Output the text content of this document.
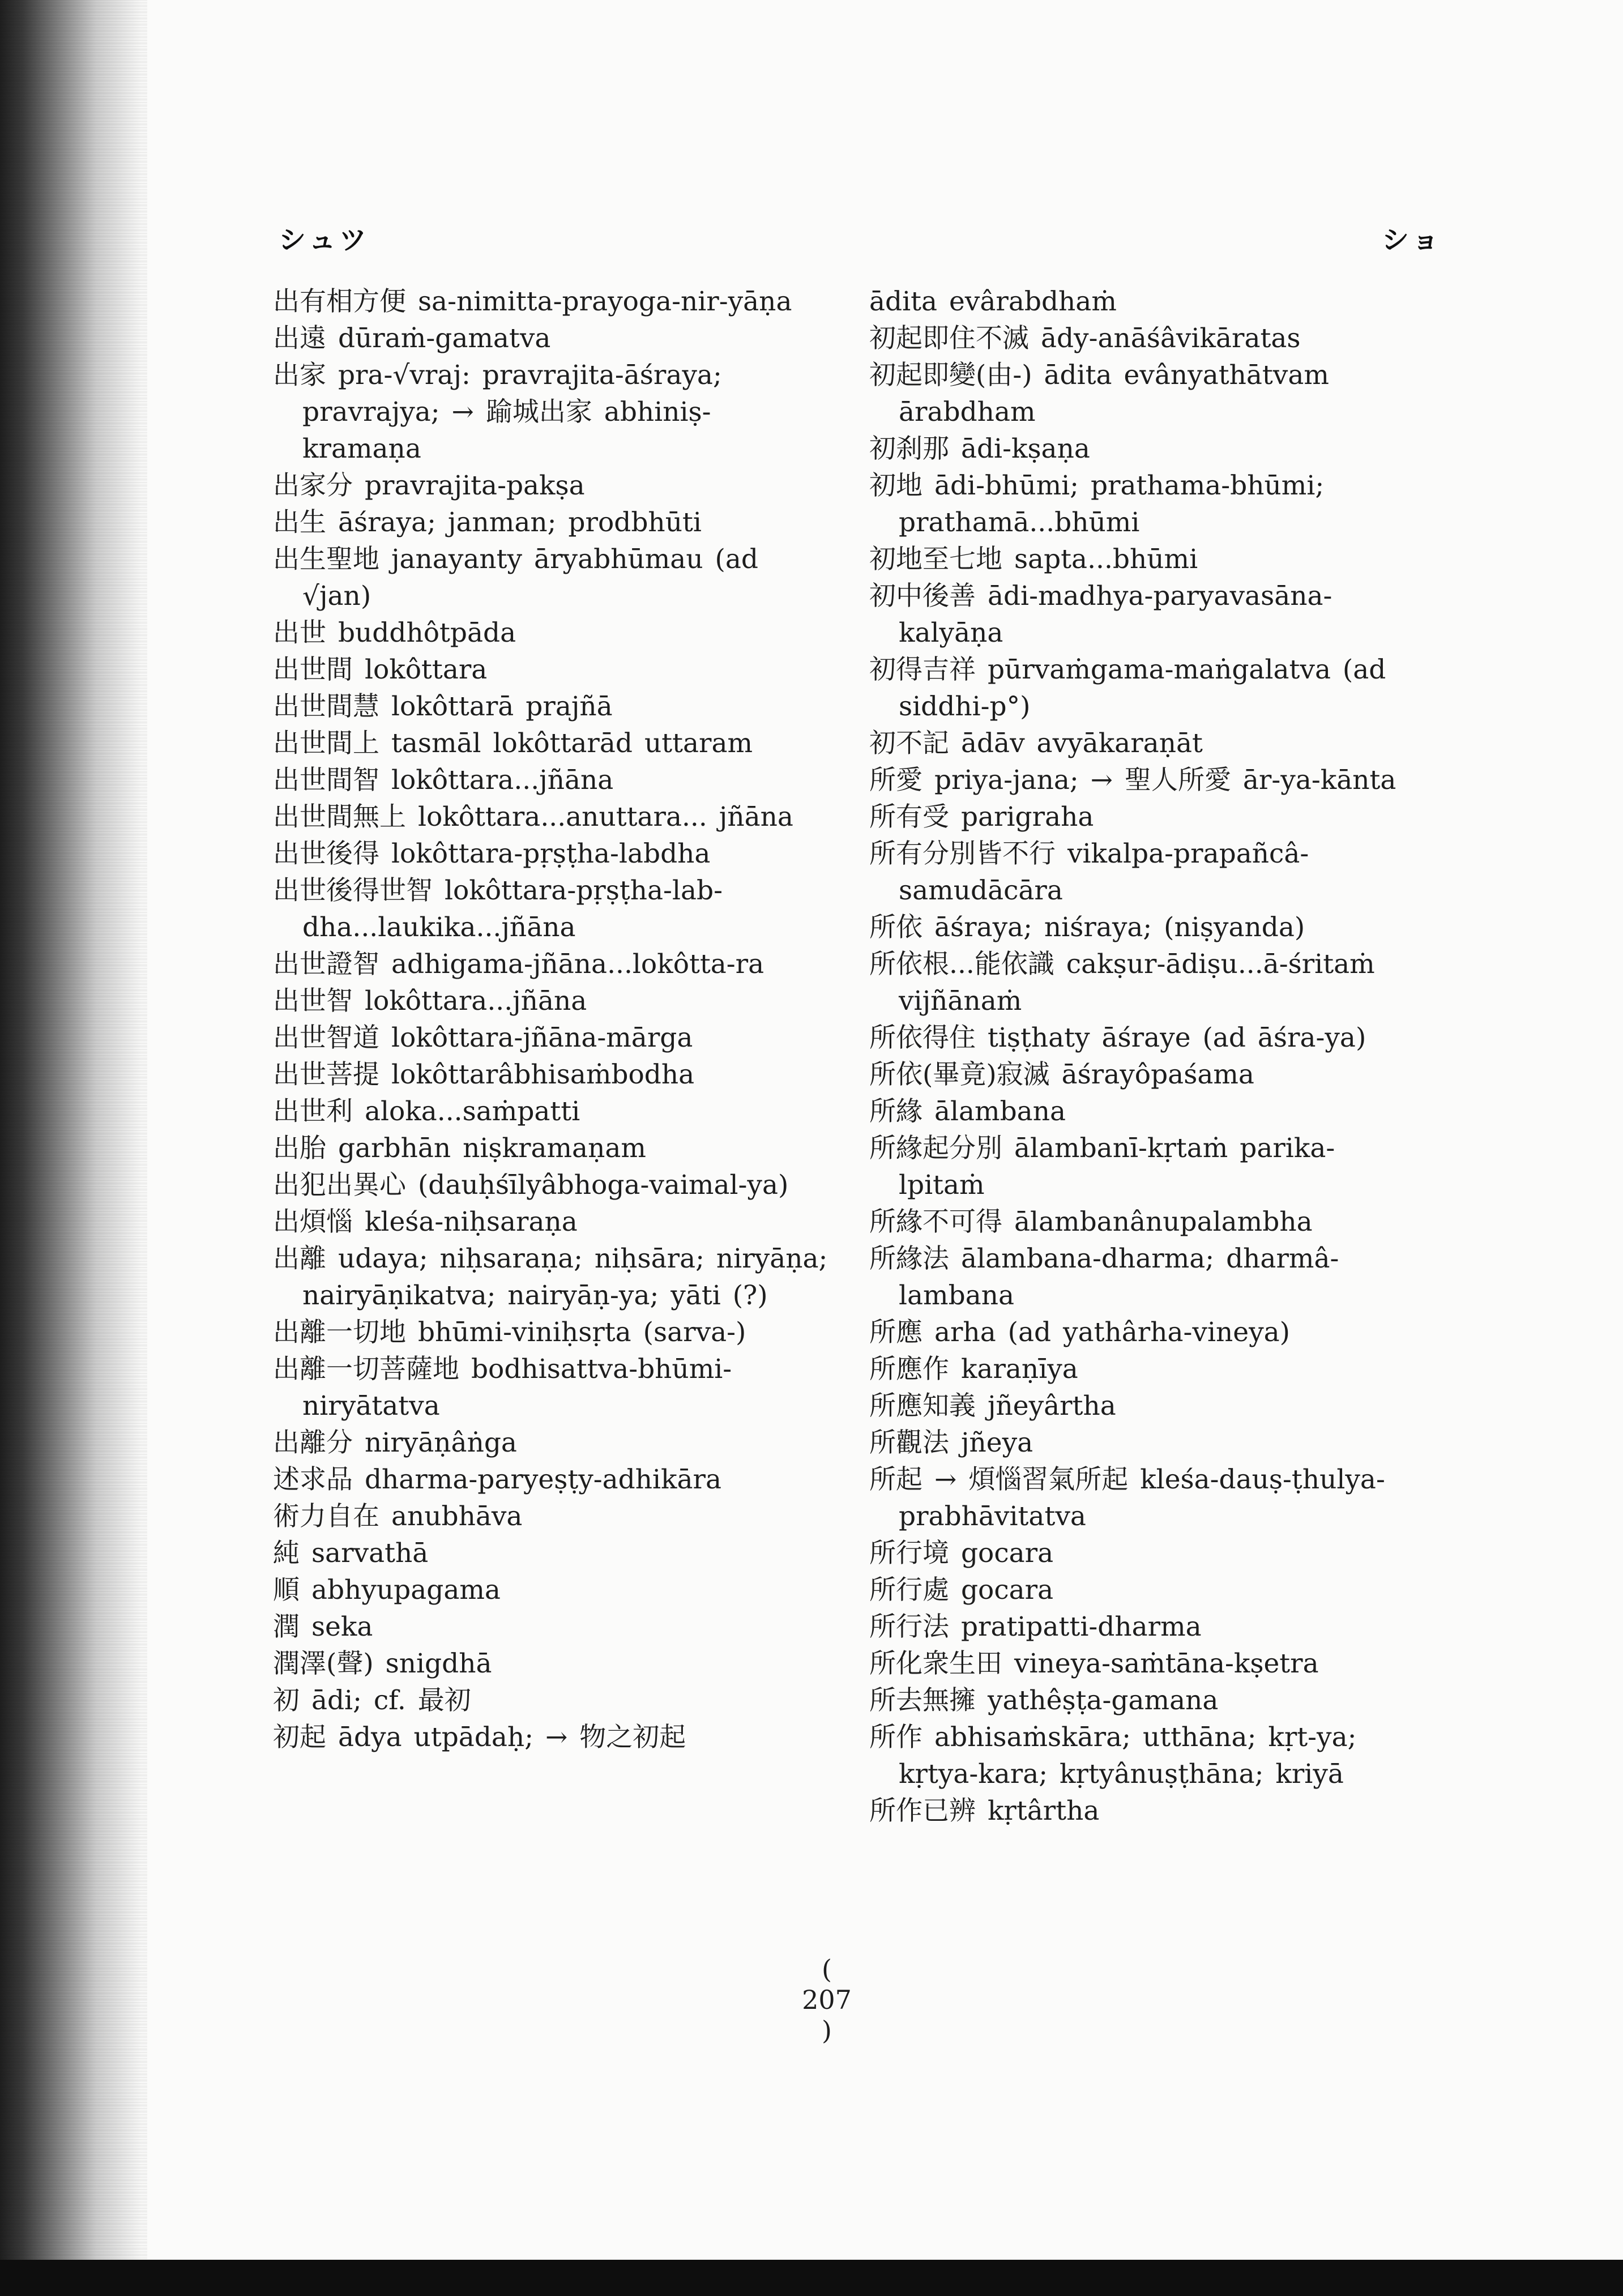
シュツ	ショ
出有相方便 sa-nimitta-prayoga-nir-yāṇa
出遠 dūraṁ-gamatva
出家 pra-√vraj: pravrajita-āśraya; pravrajya; → 踰城出家 abhiniṣ-kramaṇa
出家分 pravrajita-pakṣa
出生 āśraya; janman; prodbhūti
出生聖地 janayanty āryabhūmau (ad √jan)
出世 buddhôtpāda
出世間 lokôttara
出世間慧 lokôttarā prajñā
出世間上 tasmāl lokôttarād uttaram
出世間智 lokôttara...jñāna
出世間無上 lokôttara...anuttara... jñāna
出世後得 lokôttara-pṛṣṭha-labdha
出世後得世智 lokôttara-pṛṣṭha-lab-dha...laukika...jñāna
出世證智 adhigama-jñāna...lokôtta-ra
出世智 lokôttara...jñāna
出世智道 lokôttara-jñāna-mārga
出世菩提 lokôttarâbhisaṁbodha
出世利 aloka...saṁpatti
出胎 garbhān niṣkramaṇam
出犯出異心 (dauḥśīlyâbhoga-vaimal-ya)
出煩惱 kleśa-niḥsaraṇa
出離 udaya; niḥsaraṇa; niḥsāra; niryāṇa; nairyāṇikatva; nairyāṇ-ya; yāti (?)
出離一切地 bhūmi-viniḥsṛta (sarva-)
出離一切菩薩地 bodhisattva-bhūmi-niryātatva
出離分 niryāṇâṅga
述求品 dharma-paryeṣṭy-adhikāra
術力自在 anubhāva
純 sarvathā
順 abhyupagama
潤 seka
潤澤(聲) snigdhā
初 ādi; cf. 最初
初起 ādya utpādaḥ; → 物之初起
ādita evârabdhaṁ
初起即住不滅 ādy-anāśâvikāratas
初起即變(由-) ādita evânyathātvam ārabdham
初刹那 ādi-kṣaṇa
初地 ādi-bhūmi; prathama-bhūmi; prathamā...bhūmi
初地至七地 sapta...bhūmi
初中後善 ādi-madhya-paryavasāna-kalyāṇa
初得吉祥 pūrvaṁgama-maṅgalatva (ad siddhi-p°)
初不記 ādāv avyākaraṇāt
所愛 priya-jana; → 聖人所愛 ār-ya-kānta
所有受 parigraha
所有分別皆不行 vikalpa-prapañcâ-samudācāra
所依 āśraya; niśraya; (niṣyanda)
所依根...能依識 cakṣur-ādiṣu...ā-śritaṁ vijñānaṁ
所依得住 tiṣṭhaty āśraye (ad āśra-ya)
所依(畢竟)寂滅 āśrayôpaśama
所緣 ālambana
所緣起分別 ālambanī-kṛtaṁ parika-lpitaṁ
所緣不可得 ālambanânupalambha
所緣法 ālambana-dharma; dharmâ-lambana
所應 arha (ad yathârha-vineya)
所應作 karaṇīya
所應知義 jñeyârtha
所觀法 jñeya
所起 → 煩惱習氣所起 kleśa-dauṣ-ṭhulya-prabhāvitatva
所行境 gocara
所行處 gocara
所行法 pratipatti-dharma
所化衆生田 vineya-saṁtāna-kṣetra
所去無擁 yathêṣṭa-gamana
所作 abhisaṁskāra; utthāna; kṛt-ya; kṛtya-kara; kṛtyânuṣṭhāna; kriyā
所作已辨 kṛtârtha
( 207 )
